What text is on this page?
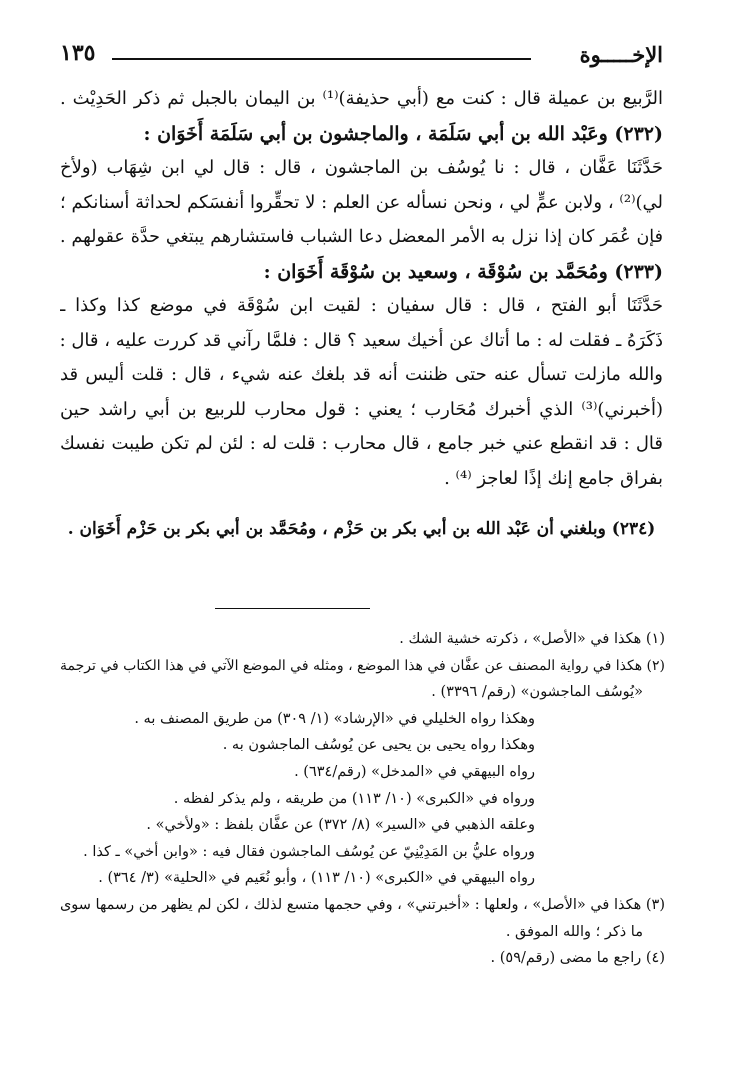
الإخـــــوة
١٣٥
الرَّبيع بن عميلة قال : كنت مع (أبي حذيفة)⁽¹⁾ بن اليمان بالجبل ثم ذكر الحَدِيْث .
(٢٣٢) وعَبْد الله بن أبي سَلَمَة ، والماجشون بن أبي سَلَمَة أَخَوَان :
حَدَّثَنَا عَفَّان ، قال : نا يُوسُف بن الماجشون ، قال : قال لي ابن شِهَاب (ولأخ
لي)⁽²⁾ ، ولابن عمٍّ لي ، ونحن نسأله عن العلم : لا تحقِّروا أنفسَكم لحداثة أسنانكم ؛
فإن عُمَر كان إذا نزل به الأمر المعضل دعا الشباب فاستشارهم يبتغي حدَّة عقولهم .
(٢٣٣) ومُحَمَّد بن سُوْقَة ، وسعيد بن سُوْقَة أَخَوَان :
حَدَّثَنَا أبو الفتح ، قال : قال سفيان : لقيت ابن سُوْقَة في موضع كذا وكذا ـ
ذَكَرَهُ ـ فقلت له : ما أتاك عن أخيك سعيد ؟ قال : فلمَّا رآني قد كررت عليه ، قال :
والله مازلت تسأل عنه حتى ظننت أنه قد بلغك عنه شيء ، قال : قلت أليس قد
(أخبرني)⁽³⁾ الذي أخبرك مُحَارب ؛ يعني : قول محارب للربيع بن أبي راشد حين
قال : قد انقطع عني خبر جامع ، قال محارب : قلت له : لئن لم تكن طيبت نفسك
بفراق جامع إنك إذًا لعاجز ⁽⁴⁾ .
(٢٣٤) وبلغني أن عَبْد الله بن أبي بكر بن حَزْم ، ومُحَمَّد بن أبي بكر بن حَزْم أَخَوَان .
(١) هكذا في «الأصل» ، ذكرته خشية الشك .
(٢) هكذا في رواية المصنف عن عفَّان في هذا الموضع ، ومثله في الموضع الآتي في هذا الكتاب في ترجمة
«يُوسُف الماجشون» (رقم/ ٣٣٩٦) .
وهكذا رواه الخليلي في «الإرشاد» (١/ ٣٠٩) من طريق المصنف به .
وهكذا رواه يحيى بن يحيى عن يُوسُف الماجشون به .
رواه البيهقي في «المدخل» (رقم/٦٣٤) .
ورواه في «الكبرى» (١٠/ ١١٣) من طريقه ، ولم يذكر لفظه .
وعلقه الذهبي في «السير» (٨/ ٣٧٢) عن عفَّان بلفظ : «ولأخي» .
ورواه عليُّ بن المَدِيْنِيّ عن يُوسُف الماجشون فقال فيه : «وابن أخي» ـ كذا .
رواه البيهقي في «الكبرى» (١٠/ ١١٣) ، وأبو نُعَيم في «الحلية» (٣/ ٣٦٤) .
(٣) هكذا في «الأصل» ، ولعلها : «أخبرتني» ، وفي حجمها متسع لذلك ، لكن لم يظهر من رسمها سوى
ما ذكر ؛ والله الموفق .
(٤) راجع ما مضى (رقم/٥٩) .
